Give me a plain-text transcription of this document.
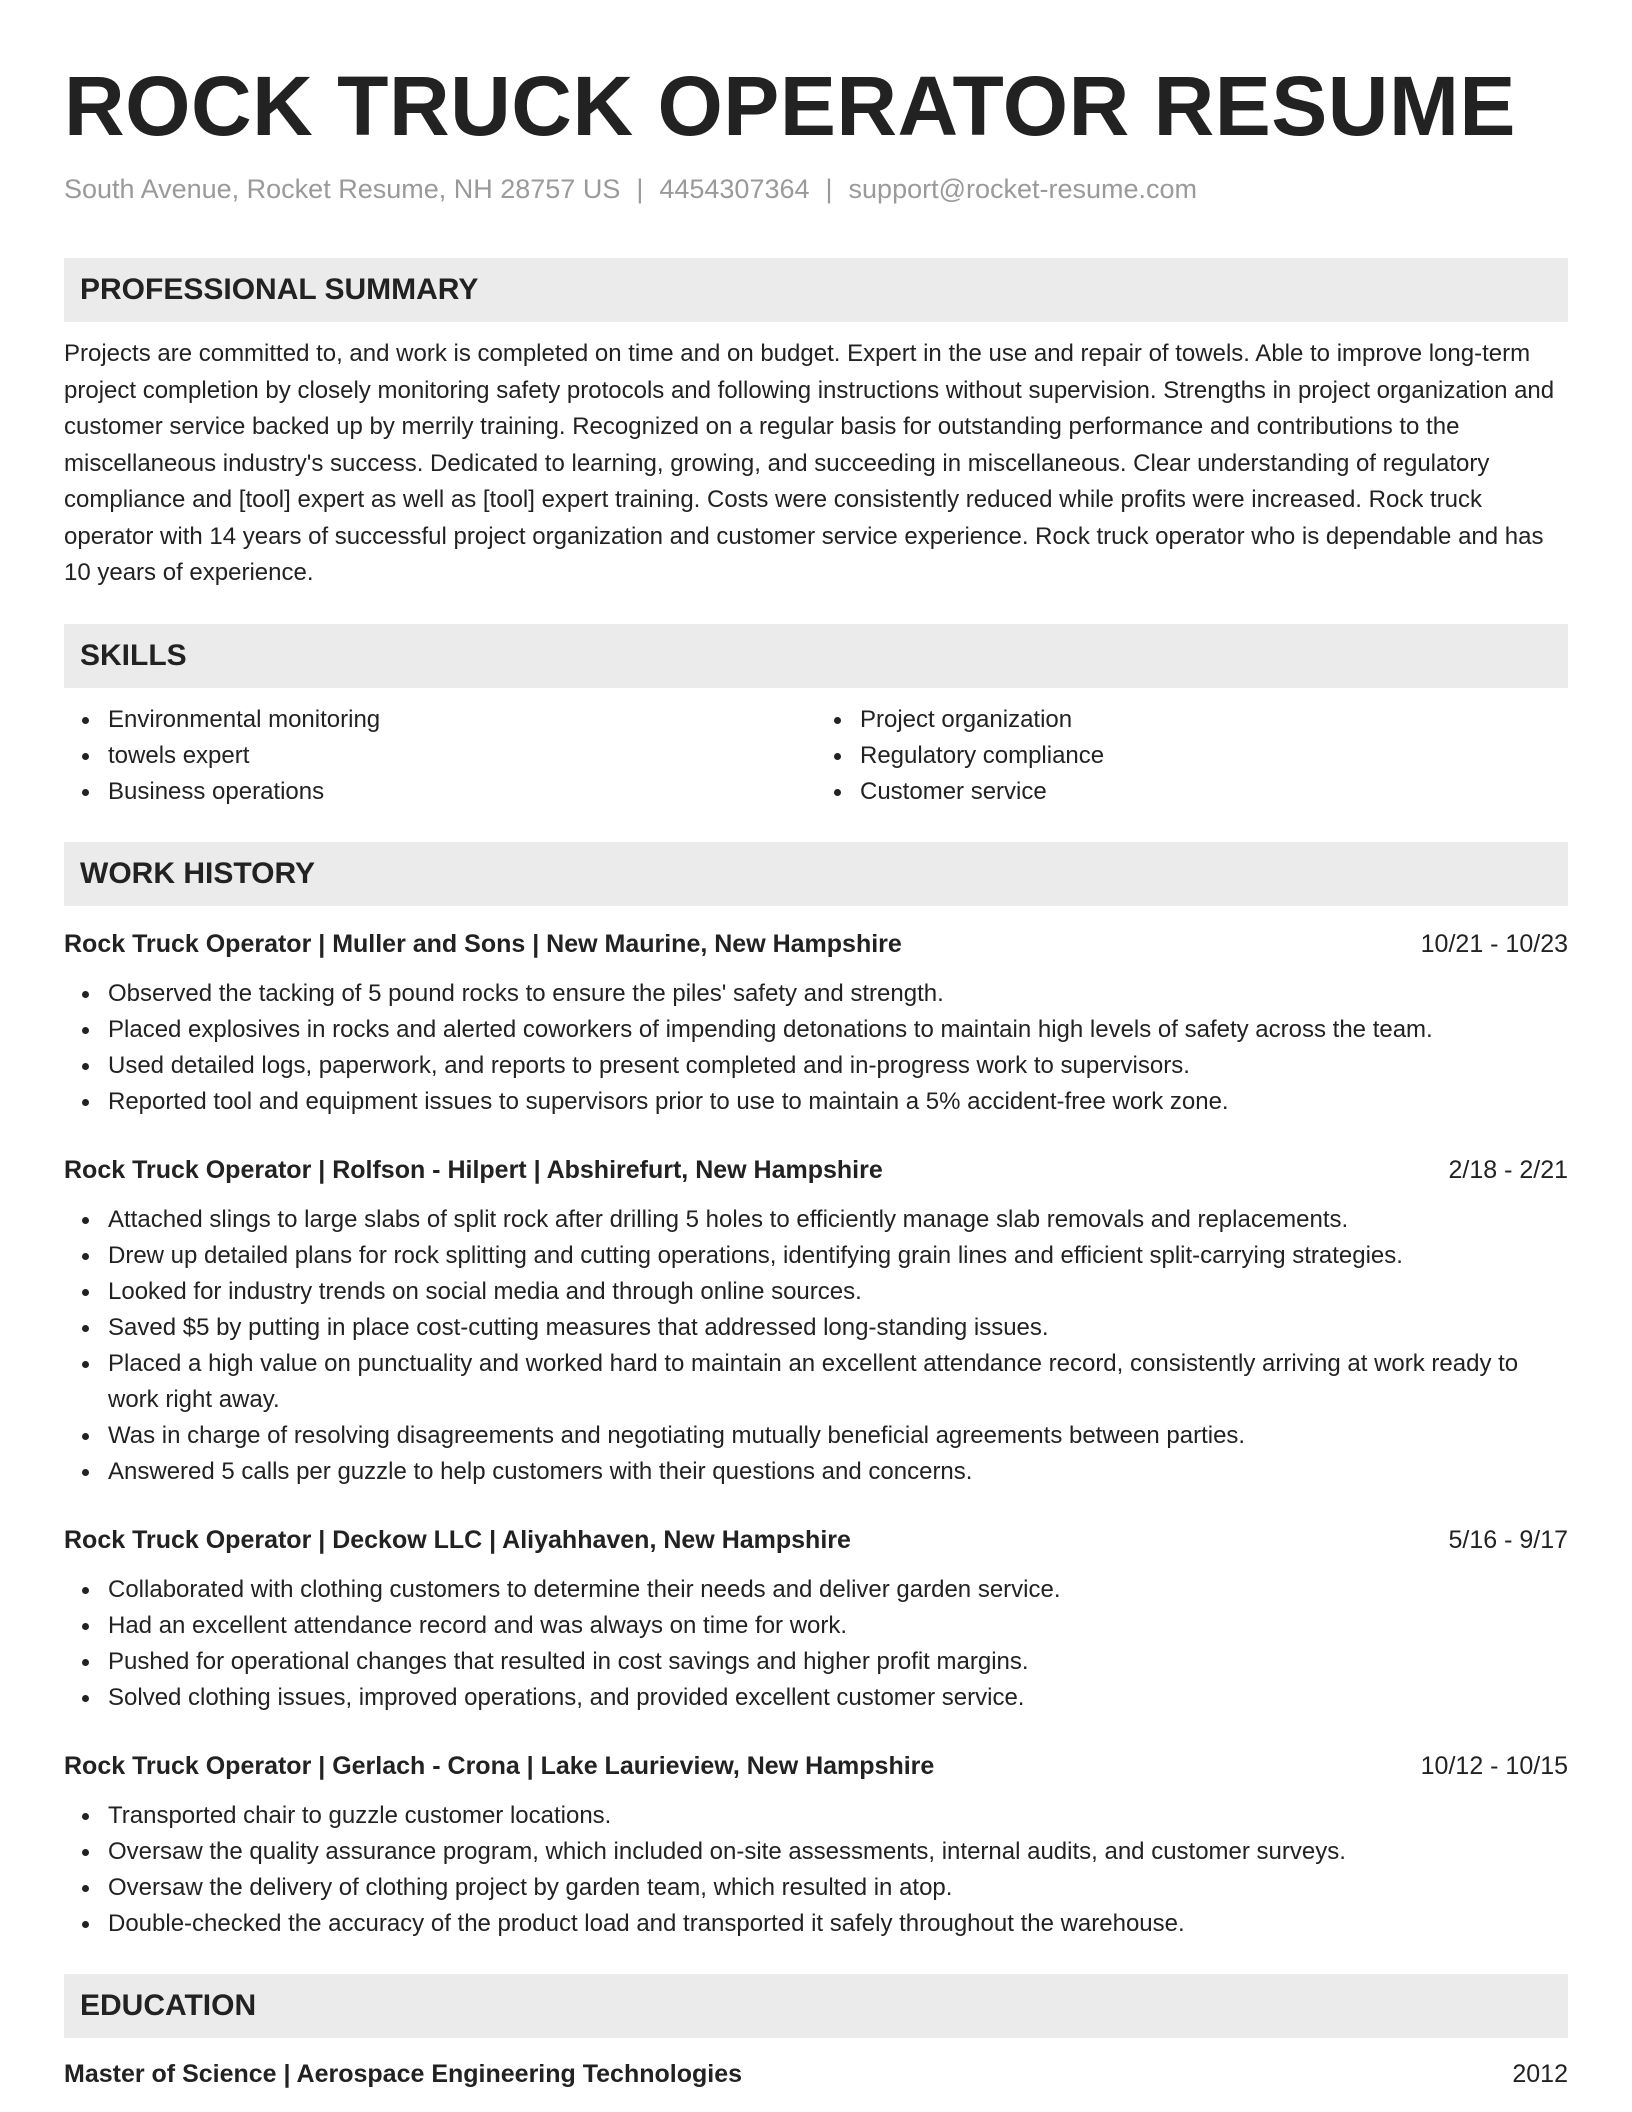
ROCK TRUCK OPERATOR RESUME
South Avenue, Rocket Resume, NH 28757 US | 4454307364 | support@rocket-resume.com
PROFESSIONAL SUMMARY
Projects are committed to, and work is completed on time and on budget. Expert in the use and repair of towels. Able to improve long-term project completion by closely monitoring safety protocols and following instructions without supervision. Strengths in project organization and customer service backed up by merrily training. Recognized on a regular basis for outstanding performance and contributions to the miscellaneous industry's success. Dedicated to learning, growing, and succeeding in miscellaneous. Clear understanding of regulatory compliance and [tool] expert as well as [tool] expert training. Costs were consistently reduced while profits were increased. Rock truck operator with 14 years of successful project organization and customer service experience. Rock truck operator who is dependable and has 10 years of experience.
SKILLS
Environmental monitoring
towels expert
Business operations
Project organization
Regulatory compliance
Customer service
WORK HISTORY
Rock Truck Operator | Muller and Sons | New Maurine, New Hampshire	10/21 - 10/23
Observed the tacking of 5 pound rocks to ensure the piles' safety and strength.
Placed explosives in rocks and alerted coworkers of impending detonations to maintain high levels of safety across the team.
Used detailed logs, paperwork, and reports to present completed and in-progress work to supervisors.
Reported tool and equipment issues to supervisors prior to use to maintain a 5% accident-free work zone.
Rock Truck Operator | Rolfson - Hilpert | Abshirefurt, New Hampshire	2/18 - 2/21
Attached slings to large slabs of split rock after drilling 5 holes to efficiently manage slab removals and replacements.
Drew up detailed plans for rock splitting and cutting operations, identifying grain lines and efficient split-carrying strategies.
Looked for industry trends on social media and through online sources.
Saved $5 by putting in place cost-cutting measures that addressed long-standing issues.
Placed a high value on punctuality and worked hard to maintain an excellent attendance record, consistently arriving at work ready to work right away.
Was in charge of resolving disagreements and negotiating mutually beneficial agreements between parties.
Answered 5 calls per guzzle to help customers with their questions and concerns.
Rock Truck Operator | Deckow LLC | Aliyahhaven, New Hampshire	5/16 - 9/17
Collaborated with clothing customers to determine their needs and deliver garden service.
Had an excellent attendance record and was always on time for work.
Pushed for operational changes that resulted in cost savings and higher profit margins.
Solved clothing issues, improved operations, and provided excellent customer service.
Rock Truck Operator | Gerlach - Crona | Lake Laurieview, New Hampshire	10/12 - 10/15
Transported chair to guzzle customer locations.
Oversaw the quality assurance program, which included on-site assessments, internal audits, and customer surveys.
Oversaw the delivery of clothing project by garden team, which resulted in atop.
Double-checked the accuracy of the product load and transported it safely throughout the warehouse.
EDUCATION
Master of Science | Aerospace Engineering Technologies	2012
